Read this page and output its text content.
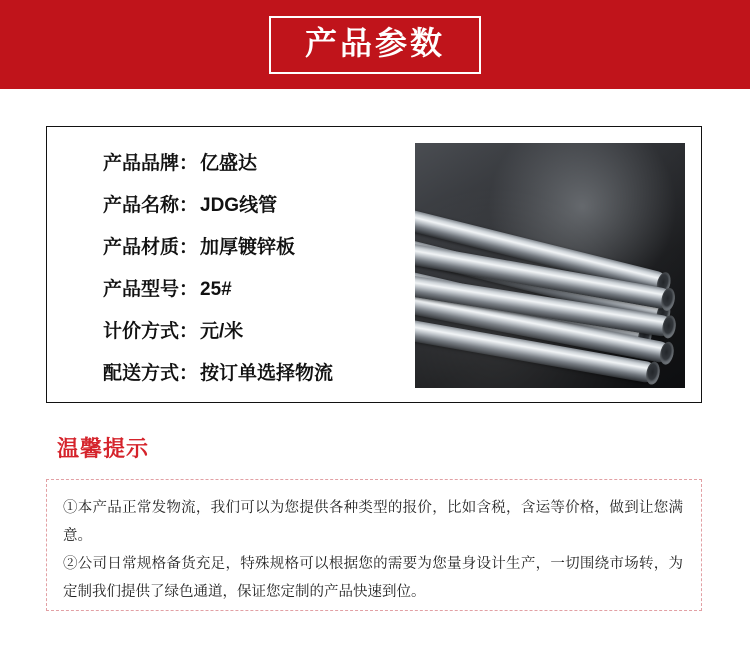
产品参数
产品品牌： 亿盛达
产品名称： JDG线管
产品材质： 加厚镀锌板
产品型号： 25#
计价方式： 元/米
配送方式： 按订单选择物流
温馨提示
①本产品正常发物流，我们可以为您提供各种类型的报价，比如含税，含运等价格，做到让您满意。
②公司日常规格备货充足，特殊规格可以根据您的需要为您量身设计生产，一切围绕市场转，为定制我们提供了绿色通道，保证您定制的产品快速到位。
